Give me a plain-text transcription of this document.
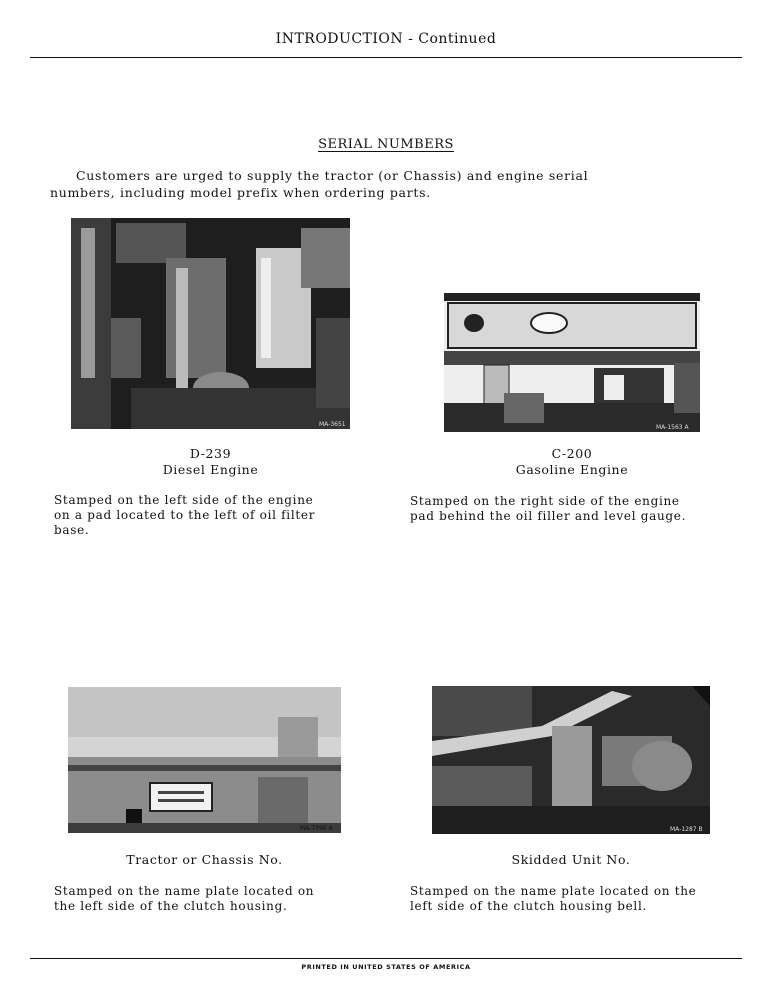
INTRODUCTION - Continued
SERIAL NUMBERS
Customers are urged to supply the tractor (or Chassis) and engine serial
numbers, including model prefix when ordering parts.
MA-3651
D-239
Diesel Engine
Stamped on the left side of the engine
on a pad located to the left of oil filter
base.
MA-1563 A
C-200
Gasoline Engine
Stamped on the right side of the engine
pad behind the oil filler and level gauge.
MA-7396 A
Tractor or Chassis No.
Stamped on the name plate located on
the left side of the clutch housing.
MA-1287 B
Skidded Unit No.
Stamped on the name plate located on the
left side of the clutch housing bell.
PRINTED IN UNITED STATES OF AMERICA
